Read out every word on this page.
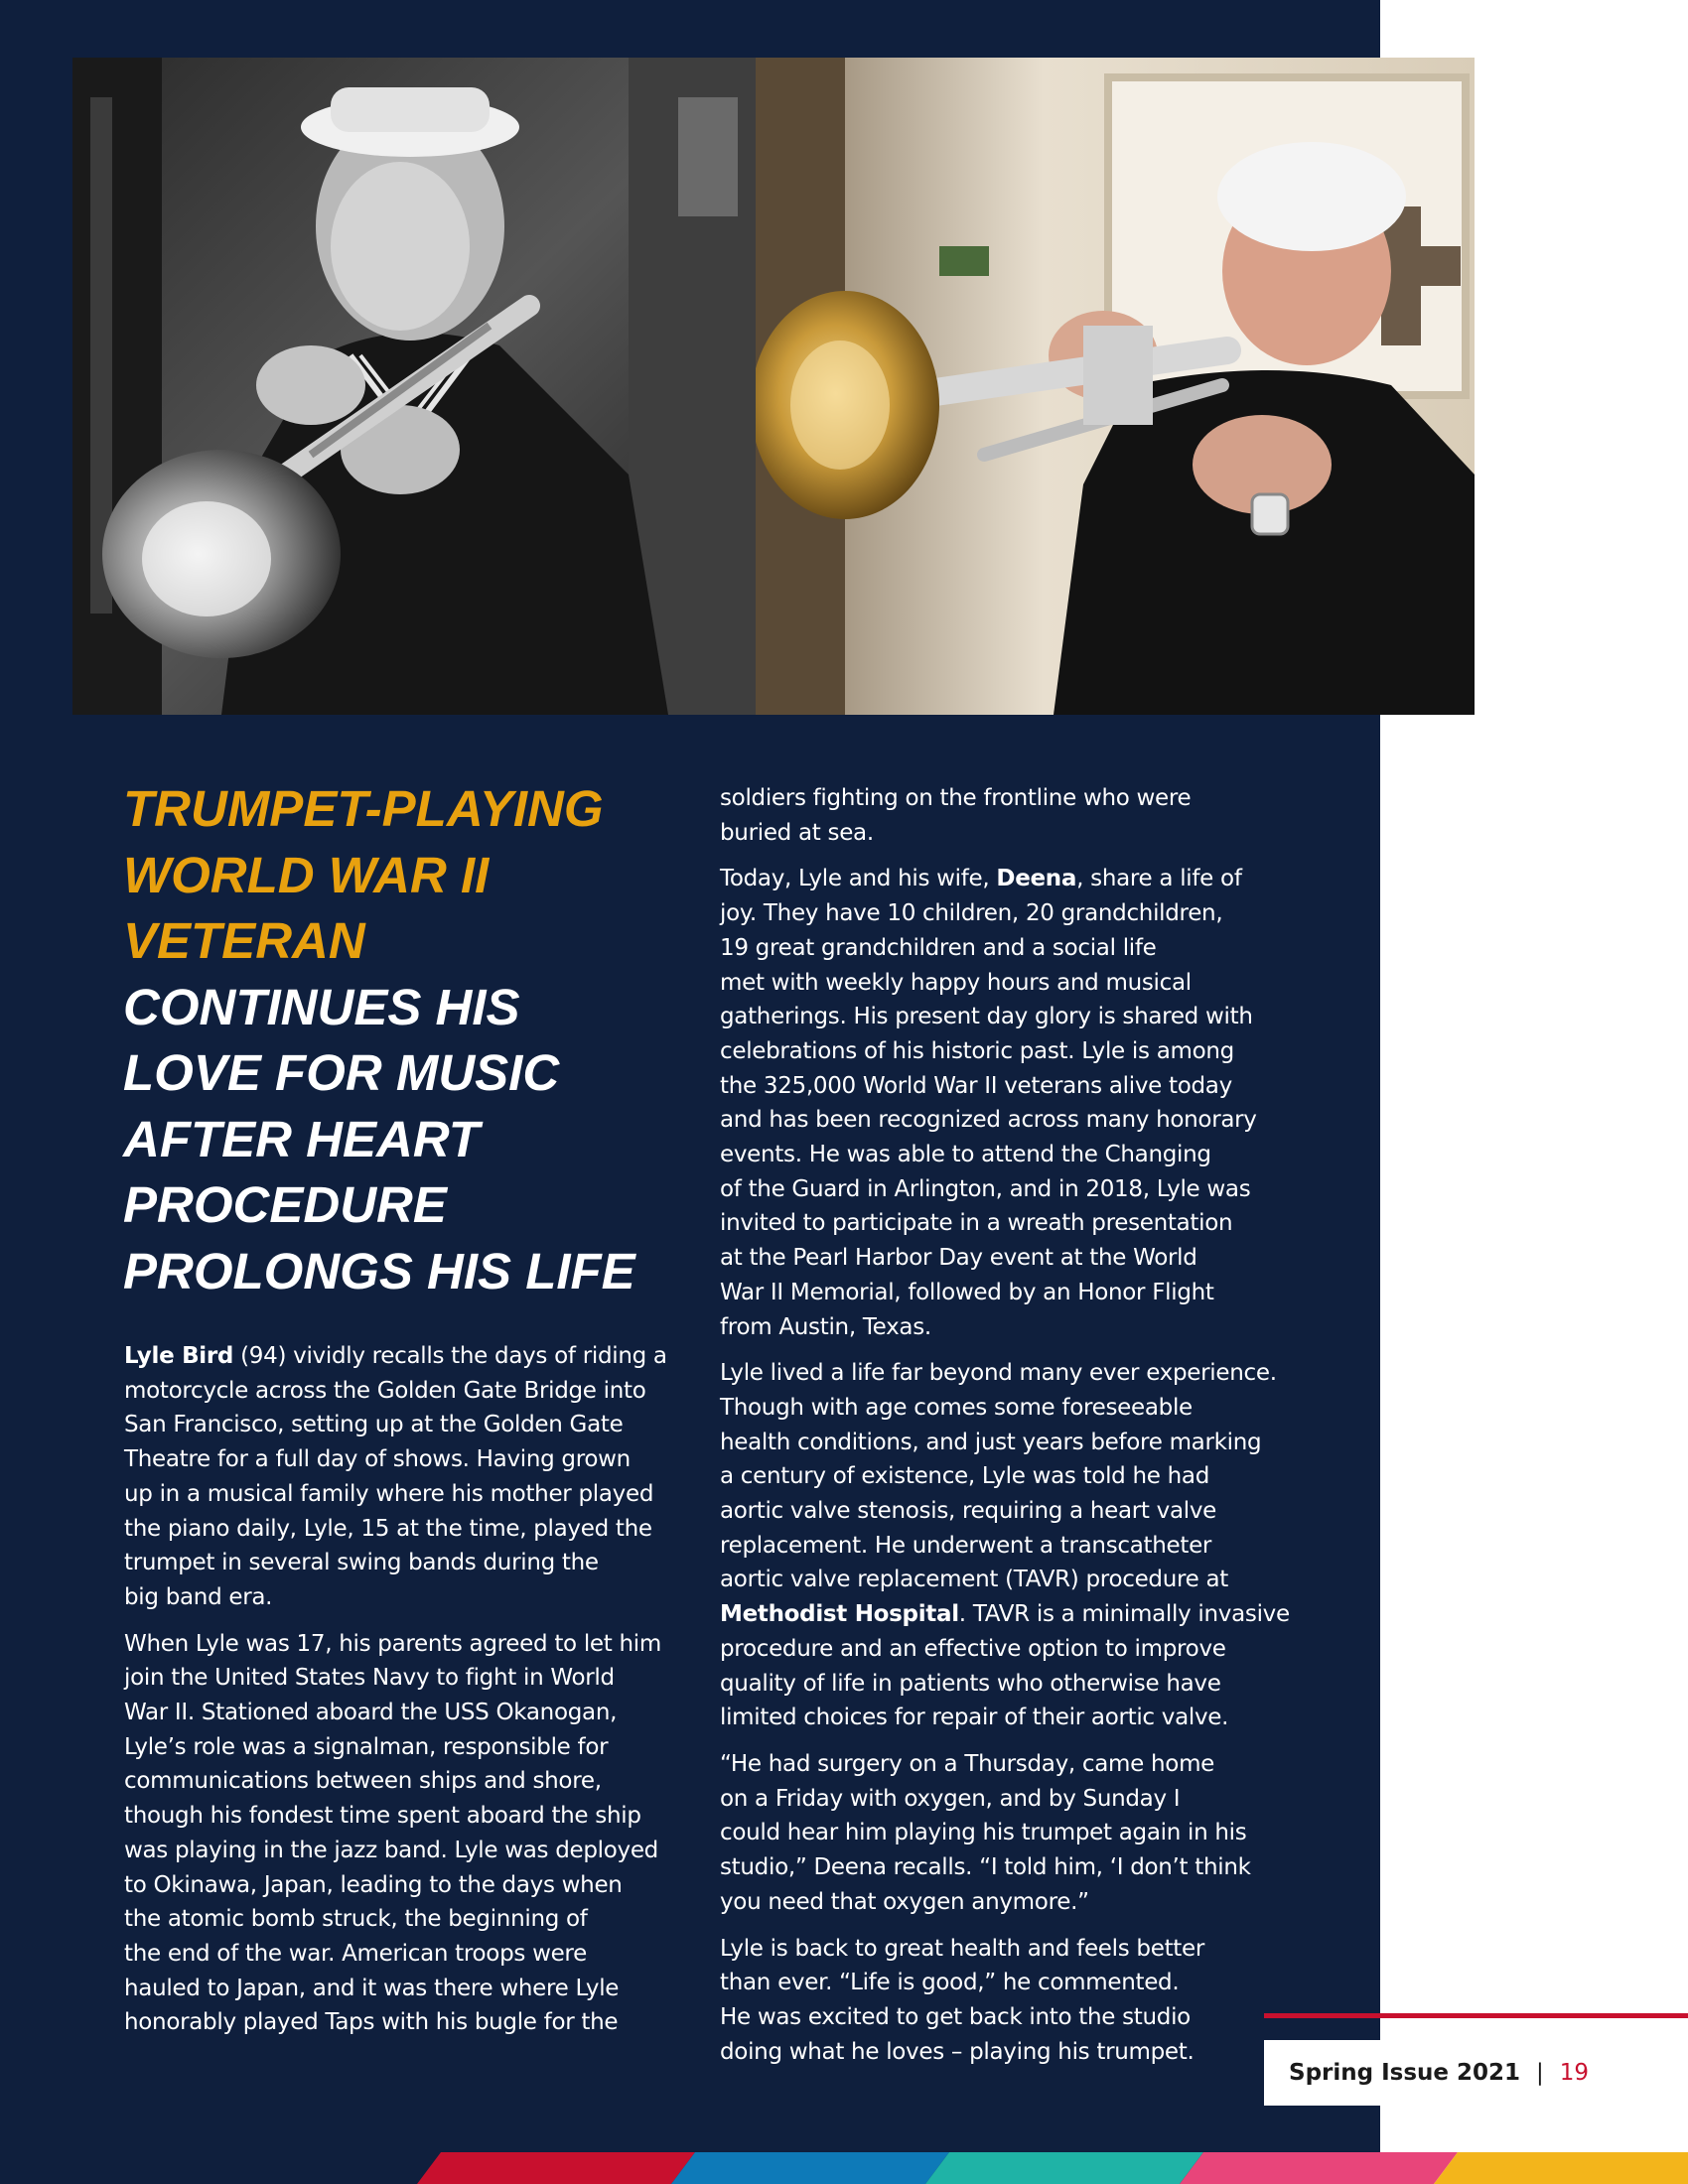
TRUMPET-PLAYING
WORLD WAR II
VETERAN
CONTINUES HIS
LOVE FOR MUSIC
AFTER HEART
PROCEDURE
PROLONGS HIS LIFE

Lyle Bird (94) vividly recalls the days of riding a
motorcycle across the Golden Gate Bridge into
San Francisco, setting up at the Golden Gate
Theatre for a full day of shows. Having grown
up in a musical family where his mother played
the piano daily, Lyle, 15 at the time, played the
trumpet in several swing bands during the
big band era.

When Lyle was 17, his parents agreed to let him
join the United States Navy to fight in World
War II. Stationed aboard the USS Okanogan,
Lyle’s role was a signalman, responsible for
communications between ships and shore,
though his fondest time spent aboard the ship
was playing in the jazz band. Lyle was deployed
to Okinawa, Japan, leading to the days when
the atomic bomb struck, the beginning of
the end of the war. American troops were
hauled to Japan, and it was there where Lyle
honorably played Taps with his bugle for the

soldiers fighting on the frontline who were
buried at sea.

Today, Lyle and his wife, Deena, share a life of
joy. They have 10 children, 20 grandchildren,
19 great grandchildren and a social life
met with weekly happy hours and musical
gatherings. His present day glory is shared with
celebrations of his historic past. Lyle is among
the 325,000 World War II veterans alive today
and has been recognized across many honorary
events. He was able to attend the Changing
of the Guard in Arlington, and in 2018, Lyle was
invited to participate in a wreath presentation
at the Pearl Harbor Day event at the World
War II Memorial, followed by an Honor Flight
from Austin, Texas.

Lyle lived a life far beyond many ever experience.
Though with age comes some foreseeable
health conditions, and just years before marking
a century of existence, Lyle was told he had
aortic valve stenosis, requiring a heart valve
replacement. He underwent a transcatheter
aortic valve replacement (TAVR) procedure at
Methodist Hospital. TAVR is a minimally invasive
procedure and an effective option to improve
quality of life in patients who otherwise have
limited choices for repair of their aortic valve.

“He had surgery on a Thursday, came home
on a Friday with oxygen, and by Sunday I
could hear him playing his trumpet again in his
studio,” Deena recalls. “I told him, ‘I don’t think
you need that oxygen anymore.”

Lyle is back to great health and feels better
than ever. “Life is good,” he commented.
He was excited to get back into the studio
doing what he loves – playing his trumpet.

Spring Issue 2021 | 19
